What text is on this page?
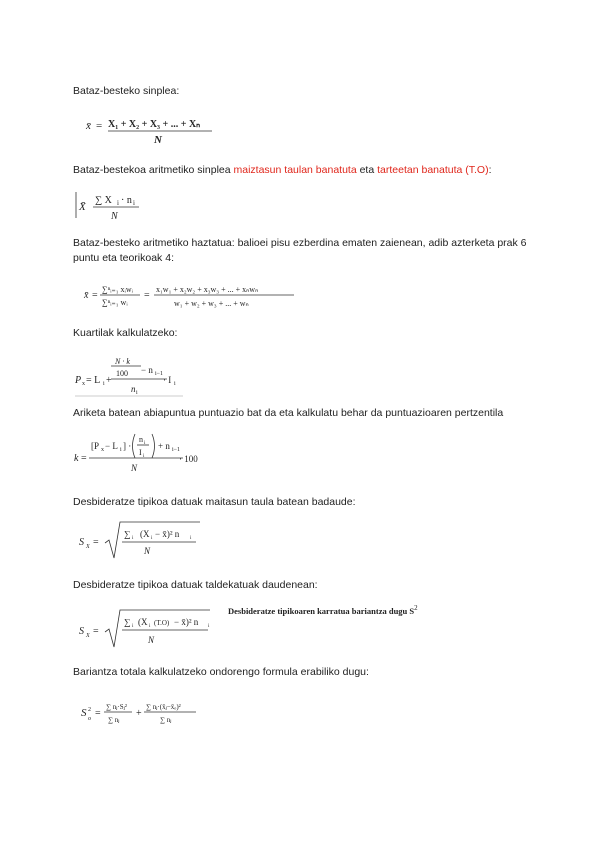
Bataz-besteko sinplea:
x̄ = X₁ + X₂ + X₃ + ... + Xₙ
N
Bataz-bestekoa aritmetiko sinplea maiztasun taulan banatuta eta tarteetan banatuta (T.O):
X̄
∑ X i · n i
N
Bataz-besteko aritmetiko haztatua: balioei pisu ezberdina ematen zaienean, adib azterketa prak 6 puntu eta teorikoak 4:
x̄ =
∑ⁿᵢ₌₁ xᵢwᵢ
∑ⁿᵢ₌₁ wᵢ
=
x₁w₁ + x₂w₂ + x₃w₃ + ... + xₙwₙ
w₁ + w₂ + w₃ + ... + wₙ
Kuartilak kalkulatzeko:
P x = L i +
N · k
100 − n i−1
n i
· I i
Ariketa batean abiapuntua puntuazio bat da eta kalkulatu behar da puntuazioaren pertzentila
k =
[P x − L i ] ·
n i
I i
+ n i−1
N
· 100
Desbideratze tipikoa datuak maitasun taula batean badaude:
S X =
∑ i (X i − x̄)² n i
N
Desbideratze tipikoa datuak taldekatuak daudenean:
S X =
∑ i (X i (T.O) − x̄)² n i
N
Desbideratze tipikoaren karratua bariantza dugu $S^2$
Bariantza totala kalkulatzeko ondorengo formula erabiliko dugu:
S 2
o =
∑ nⱼ·Sⱼ²
∑ nⱼ
+
∑ nⱼ·(x̄ⱼ−x̄ₒ)²
∑ nⱼ
